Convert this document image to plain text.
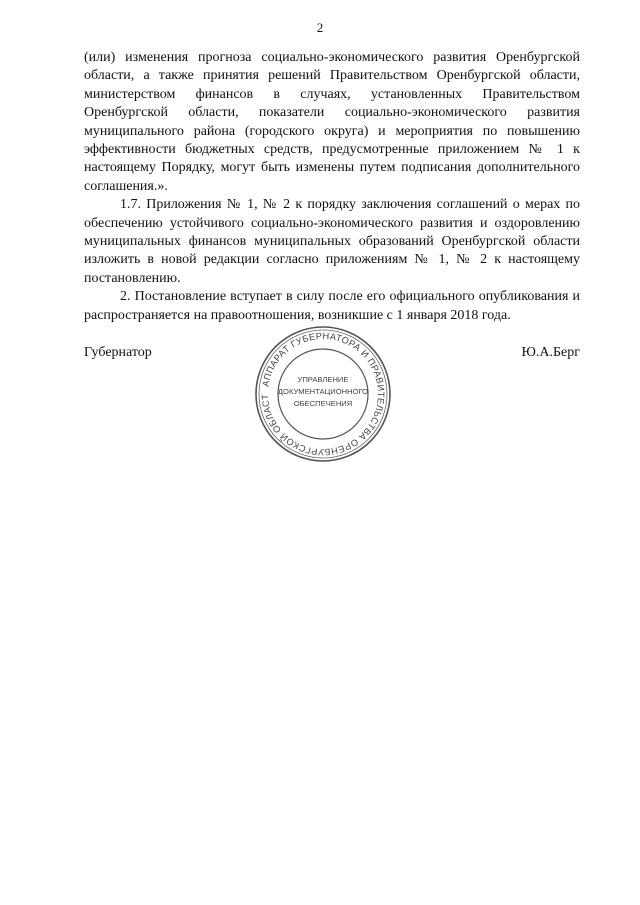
2

(или) изменения прогноза социально-экономического развития Оренбургской области, а также принятия решений Правительством Оренбургской области, министерством финансов в случаях, установленных Правительством Оренбургской области, показатели социально-экономического развития муниципального района (городского округа) и мероприятия по повышению эффективности бюджетных средств, предусмотренные приложением № 1 к настоящему Порядку, могут быть изменены путем подписания дополнительного соглашения.».

1.7. Приложения № 1, № 2 к порядку заключения соглашений о мерах по обеспечению устойчивого социально-экономического развития и оздоровлению муниципальных финансов муниципальных образований Оренбургской области изложить в новой редакции согласно приложениям № 1, № 2 к настоящему постановлению.

2. Постановление вступает в силу после его официального опубликования и распространяется на правоотношения, возникшие с 1 января 2018 года.

Губернатор	Ю.А.Берг
АППАРАТ ГУБЕРНАТОРА И ПРАВИТЕЛЬСТВА ОРЕНБУРГСКОЙ ОБЛАСТ
УПРАВЛЕНИЕ
ДОКУМЕНТАЦИОННОГО
ОБЕСПЕЧЕНИЯ
